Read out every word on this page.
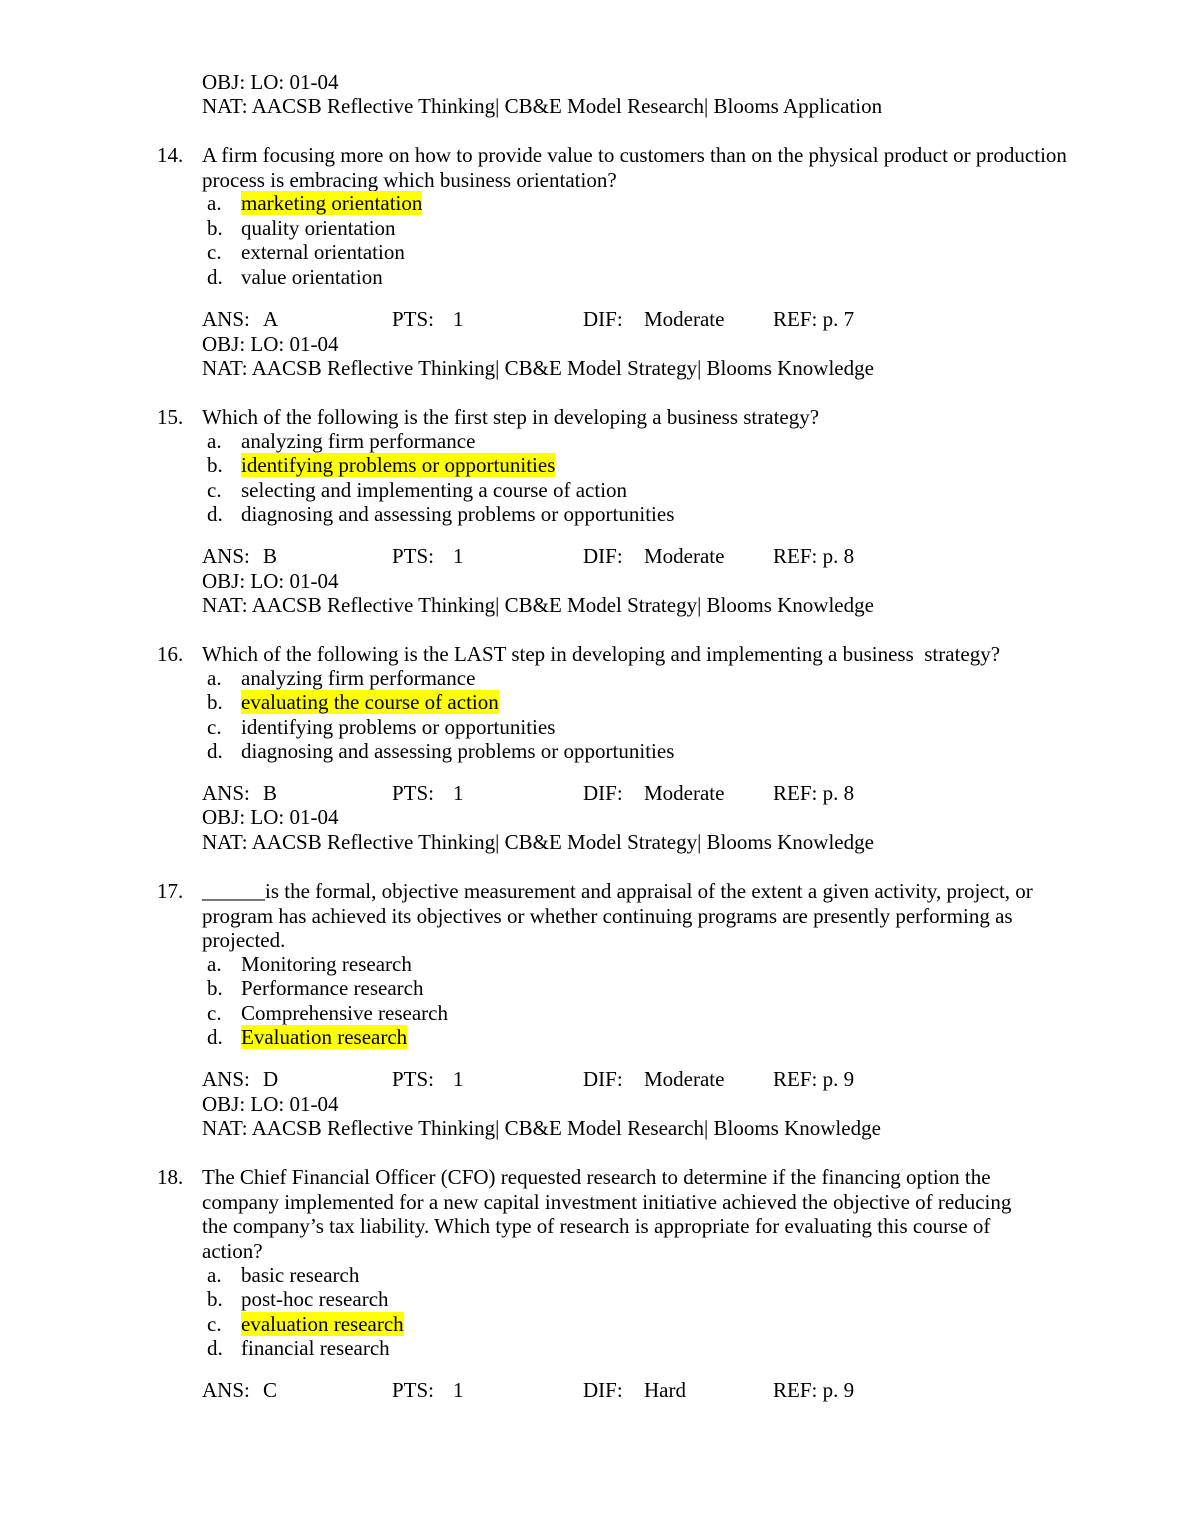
OBJ: LO: 01-04
NAT: AACSB Reflective Thinking| CB&E Model Research| Blooms Application
14. A firm focusing more on how to provide value to customers than on the physical product or production process is embracing which business orientation?
a. marketing orientation
b. quality orientation
c. external orientation
d. value orientation
ANS: A	PTS: 1	DIF: Moderate REF: p. 7
OBJ: LO: 01-04
NAT: AACSB Reflective Thinking| CB&E Model Strategy| Blooms Knowledge
15. Which of the following is the first step in developing a business strategy?
a. analyzing firm performance
b. identifying problems or opportunities
c. selecting and implementing a course of action
d. diagnosing and assessing problems or opportunities
ANS: B	PTS: 1	DIF: Moderate REF: p. 8
OBJ: LO: 01-04
NAT: AACSB Reflective Thinking| CB&E Model Strategy| Blooms Knowledge
16. Which of the following is the LAST step in developing and implementing a business  strategy?
a. analyzing firm performance
b. evaluating the course of action
c. identifying problems or opportunities
d. diagnosing and assessing problems or opportunities
ANS: B	PTS: 1	DIF: Moderate REF: p. 8
OBJ: LO: 01-04
NAT: AACSB Reflective Thinking| CB&E Model Strategy| Blooms Knowledge
17. ______is the formal, objective measurement and appraisal of the extent a given activity, project, or program has achieved its objectives or whether continuing programs are presently performing as projected.
a. Monitoring research
b. Performance research
c. Comprehensive research
d. Evaluation research
ANS: D	PTS: 1	DIF: Moderate REF: p. 9
OBJ: LO: 01-04
NAT: AACSB Reflective Thinking| CB&E Model Research| Blooms Knowledge
18. The Chief Financial Officer (CFO) requested research to determine if the financing option the company implemented for a new capital investment initiative achieved the objective of reducing the company’s tax liability. Which type of research is appropriate for evaluating this course of action?
a. basic research
b. post-hoc research
c. evaluation research
d. financial research
ANS: C	PTS: 1	DIF: Hard	REF: p. 9
